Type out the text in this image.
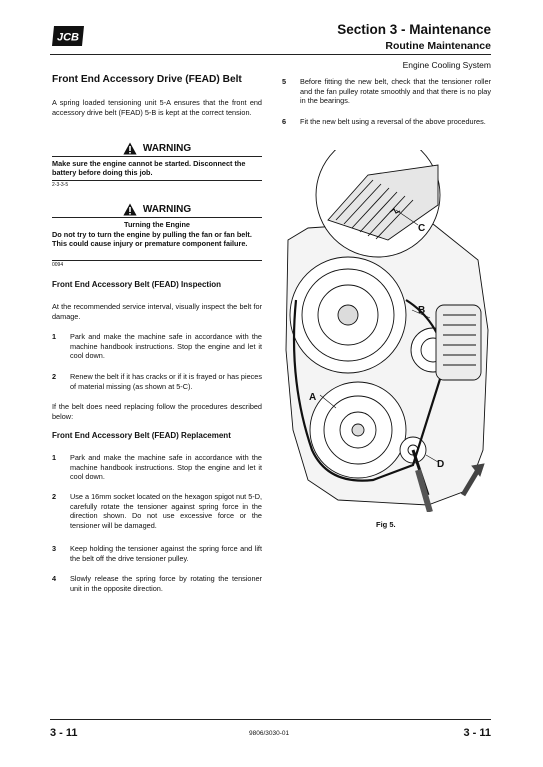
JCB
Section 3 - Maintenance
Routine Maintenance
Engine Cooling System
Front End Accessory Drive (FEAD) Belt
A spring loaded tensioning unit 5-A ensures that the front end accessory drive belt (FEAD) 5-B is kept at the correct tension.
WARNING
Make sure the engine cannot be started. Disconnect the battery before doing this job.
2-3-3-5
WARNING
Turning the Engine
Do not try to turn the engine by pulling the fan or fan belt. This could cause injury or premature component failure.
0094
Front End Accessory Belt (FEAD) Inspection
At the recommended service interval, visually inspect the belt for damage.
1 Park and make the machine safe in accordance with the machine handbook instructions. Stop the engine and let it cool down.
2 Renew the belt if it has cracks or if it is frayed or has pieces of material missing (as shown at 5-C).
If the belt does need replacing follow the procedures described below:
Front End Accessory Belt (FEAD) Replacement
1 Park and make the machine safe in accordance with the machine handbook instructions. Stop the engine and let it cool down.
2 Use a 16mm socket located on the hexagon spigot nut 5-D, carefully rotate the tensioner against spring force in the direction shown. Do not use excessive force or the tensioner will be damaged.
3 Keep holding the tensioner against the spring force and lift the belt off the drive tensioner pulley.
4 Slowly release the spring force by rotating the tensioner unit in the opposite direction.
5 Before fitting the new belt, check that the tensioner roller and the fan pulley rotate smoothly and that there is no play in the bearings.
6 Fit the new belt using a reversal of the above procedures.
C
A
B
D
Fig 5.
3 - 11	9806/3030-01	3 - 11
